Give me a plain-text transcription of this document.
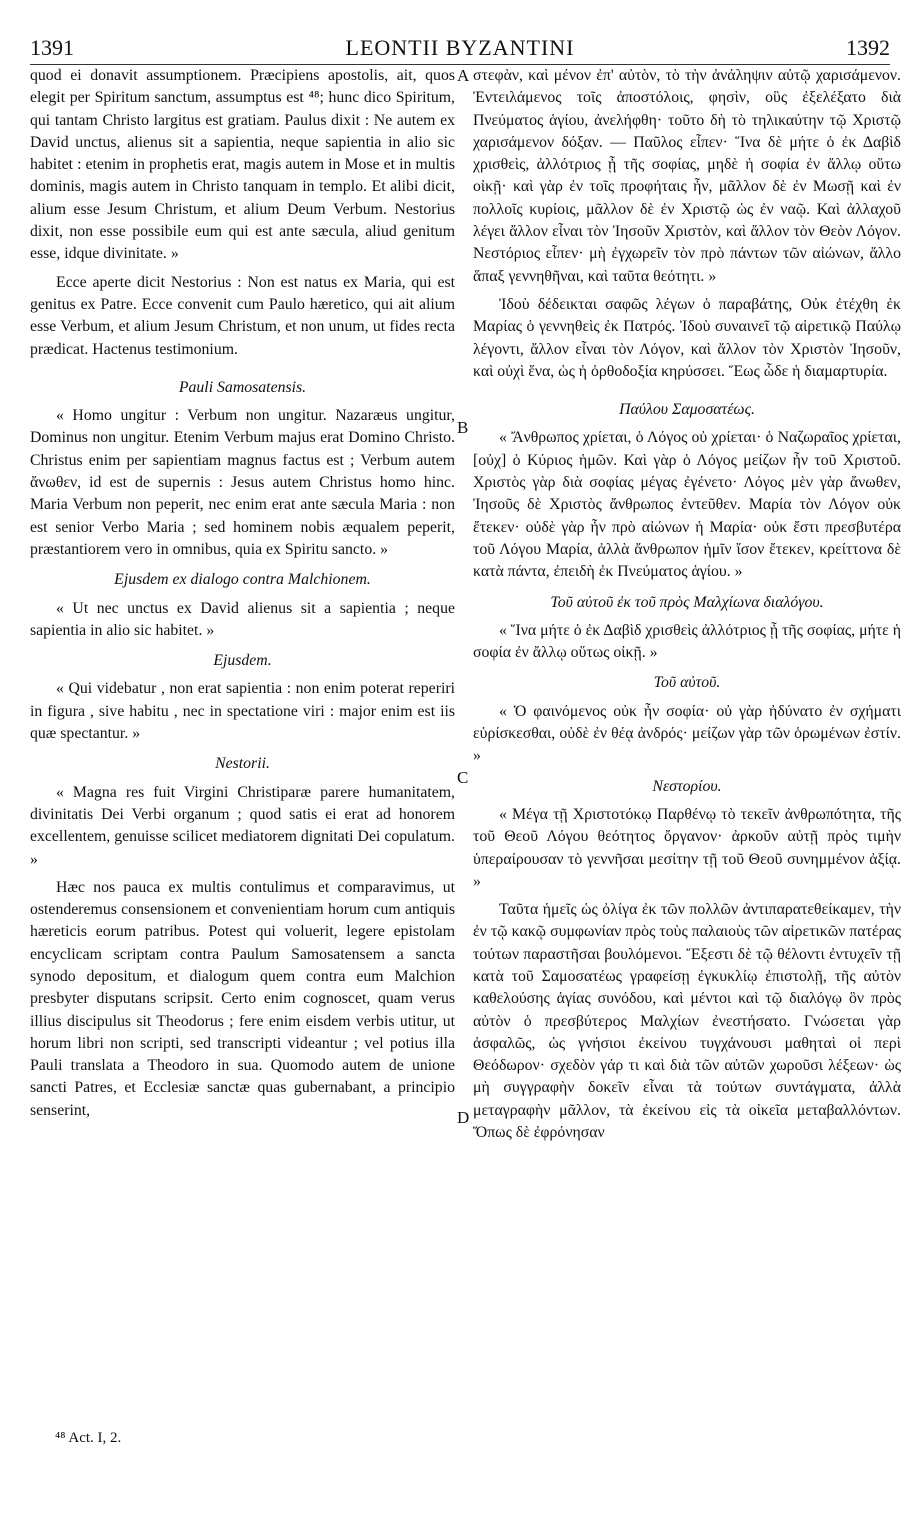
1391	LEONTII BYZANTINI	1392
A
B
C
D

quod ei donavit assumptionem. Præcipiens apostolis, ait, quos elegit per Spiritum sanctum, assumptus est ⁴⁸; hunc dico Spiritum, qui tantam Christo largitus est gratiam. Paulus dixit : Ne autem ex David unctus, alienus sit a sapientia, neque sapientia in alio sic habitet : etenim in prophetis erat, magis autem in Mose et in multis dominis, magis autem in Christo tanquam in templo. Et alibi dicit, alium esse Jesum Christum, et alium Deum Verbum. Nestorius dixit, non esse possibile eum qui est ante sæcula, aliud genitum esse, idque divinitate. »

Ecce aperte dicit Nestorius : Non est natus ex Maria, qui est genitus ex Patre. Ecce convenit cum Paulo hæretico, qui ait alium esse Verbum, et alium Jesum Christum, et non unum, ut fides recta prædicat. Hactenus testimonium.

Pauli Samosatensis.

« Homo ungitur : Verbum non ungitur. Nazaræus ungitur, Dominus non ungitur. Etenim Verbum majus erat Domino Christo. Christus enim per sapientiam magnus factus est ; Verbum autem ἄνωθεν, id est de supernis : Jesus autem Christus homo hinc. Maria Verbum non peperit, nec enim erat ante sæcula Maria : non est senior Verbo Maria ; sed hominem nobis æqualem peperit, præstantiorem vero in omnibus, quia ex Spiritu sancto. »

Ejusdem ex dialogo contra Malchionem.

« Ut nec unctus ex David alienus sit a sapientia ; neque sapientia in alio sic habitet. »

Ejusdem.

« Qui videbatur , non erat sapientia : non enim poterat reperiri in figura , sive habitu , nec in spectatione viri : major enim est iis quæ spectantur. »

Nestorii.

« Magna res fuit Virgini Christiparæ parere humanitatem, divinitatis Dei Verbi organum ; quod satis ei erat ad honorem excellentem, genuisse scilicet mediatorem dignitati Dei copulatum. »

Hæc nos pauca ex multis contulimus et comparavimus, ut ostenderemus consensionem et convenientiam horum cum antiquis hæreticis eorum patribus. Potest qui voluerit, legere epistolam encyclicam scriptam contra Paulum Samosatensem a sancta synodo depositum, et dialogum quem contra eum Malchion presbyter disputans scripsit. Certo enim cognoscet, quam verus illius discipulus sit Theodorus ; fere enim eisdem verbis utitur, ut horum libri non scripti, sed transcripti videantur ; vel potius illa Pauli translata a Theodoro in sua. Quomodo autem de unione sancti Patres, et Ecclesiæ sanctæ quas gubernabant, a principio senserint,

στεφὰν, καὶ μένον ἐπ' αὐτὸν, τὸ τὴν ἀνάληψιν αὐτῷ χαρισάμενον. Ἐντειλάμενος τοῖς ἀποστόλοις, φησὶν, οὓς ἐξελέξατο διὰ Πνεύματος ἁγίου, ἀνελήφθη· τοῦτο δὴ τὸ τηλικαύτην τῷ Χριστῷ χαρισάμενον δόξαν. — Παῦλος εἶπεν· Ἵνα δὲ μήτε ὁ ἐκ Δαβὶδ χρισθεὶς, ἀλλότριος ᾖ τῆς σοφίας, μηδὲ ἡ σοφία ἐν ἄλλῳ οὕτω οἰκῇ· καὶ γὰρ ἐν τοῖς προφήταις ἦν, μᾶλλον δὲ ἐν Μωσῇ καὶ ἐν πολλοῖς κυρίοις, μᾶλλον δὲ ἐν Χριστῷ ὡς ἐν ναῷ. Καὶ ἀλλαχοῦ λέγει ἄλλον εἶναι τὸν Ἰησοῦν Χριστὸν, καὶ ἄλλον τὸν Θεὸν Λόγον. Νεστόριος εἶπεν· μὴ ἐγχωρεῖν τὸν πρὸ πάντων τῶν αἰώνων, ἄλλο ἅπαξ γεννηθῆναι, καὶ ταῦτα θεότητι. »

Ἰδοὺ δέδεικται σαφῶς λέγων ὁ παραβάτης, Οὐκ ἐτέχθη ἐκ Μαρίας ὁ γεννηθεὶς ἐκ Πατρός. Ἰδοὺ συναινεῖ τῷ αἱρετικῷ Παύλῳ λέγοντι, ἄλλον εἶναι τὸν Λόγον, καὶ ἄλλον τὸν Χριστὸν Ἰησοῦν, καὶ οὐχὶ ἕνα, ὡς ἡ ὀρθοδοξία κηρύσσει. Ἕως ὧδε ἡ διαμαρτυρία.

Παύλου Σαμοσατέως.

« Ἄνθρωπος χρίεται, ὁ Λόγος οὐ χρίεται· ὁ Ναζωραῖος χρίεται, [οὐχ] ὁ Κύριος ἡμῶν. Καὶ γὰρ ὁ Λόγος μείζων ἦν τοῦ Χριστοῦ. Χριστὸς γὰρ διὰ σοφίας μέγας ἐγένετο· Λόγος μὲν γὰρ ἄνωθεν, Ἰησοῦς δὲ Χριστὸς ἄνθρωπος ἐντεῦθεν. Μαρία τὸν Λόγον οὐκ ἔτεκεν· οὐδὲ γὰρ ἦν πρὸ αἰώνων ἡ Μαρία· οὐκ ἔστι πρεσβυτέρα τοῦ Λόγου Μαρία, ἀλλὰ ἄνθρωπον ἡμῖν ἴσον ἔτεκεν, κρείττονα δὲ κατὰ πάντα, ἐπειδὴ ἐκ Πνεύματος ἁγίου. »

Τοῦ αὐτοῦ ἐκ τοῦ πρὸς Μαλχίωνα διαλόγου.

« Ἵνα μήτε ὁ ἐκ Δαβὶδ χρισθεὶς ἀλλότριος ᾖ τῆς σοφίας, μήτε ἡ σοφία ἐν ἄλλῳ οὕτως οἰκῇ. »

Τοῦ αὐτοῦ.

« Ὁ φαινόμενος οὐκ ἦν σοφία· οὐ γὰρ ἠδύνατο ἐν σχήματι εὑρίσκεσθαι, οὐδὲ ἐν θέᾳ ἀνδρός· μείζων γὰρ τῶν ὁρωμένων ἐστίν. »

Νεστορίου.

« Μέγα τῇ Χριστοτόκῳ Παρθένῳ τὸ τεκεῖν ἀνθρωπότητα, τῆς τοῦ Θεοῦ Λόγου θεότητος ὄργανον· ἀρκοῦν αὐτῇ πρὸς τιμὴν ὑπεραίρουσαν τὸ γεννῆσαι μεσίτην τῇ τοῦ Θεοῦ συνημμένον ἀξίᾳ. »

Ταῦτα ἡμεῖς ὡς ὀλίγα ἐκ τῶν πολλῶν ἀντιπαρατεθείκαμεν, τὴν ἐν τῷ κακῷ συμφωνίαν πρὸς τοὺς παλαιοὺς τῶν αἱρετικῶν πατέρας τούτων παραστῆσαι βουλόμενοι. Ἔξεστι δὲ τῷ θέλοντι ἐντυχεῖν τῇ κατὰ τοῦ Σαμοσατέως γραφείσῃ ἐγκυκλίῳ ἐπιστολῇ, τῆς αὐτὸν καθελούσης ἁγίας συνόδου, καὶ μέντοι καὶ τῷ διαλόγῳ ὃν πρὸς αὐτὸν ὁ πρεσβύτερος Μαλχίων ἐνεστήσατο. Γνώσεται γὰρ ἀσφαλῶς, ὡς γνήσιοι ἐκείνου τυγχάνουσι μαθηταὶ οἱ περὶ Θεόδωρον· σχεδὸν γάρ τι καὶ διὰ τῶν αὐτῶν χωροῦσι λέξεων· ὡς μὴ συγγραφὴν δοκεῖν εἶναι τὰ τούτων συντάγματα, ἀλλὰ μεταγραφὴν μᾶλλον, τὰ ἐκείνου εἰς τὰ οἰκεῖα μεταβαλλόντων. Ὅπως δὲ ἐφρόνησαν

⁴⁸ Act. I, 2.
